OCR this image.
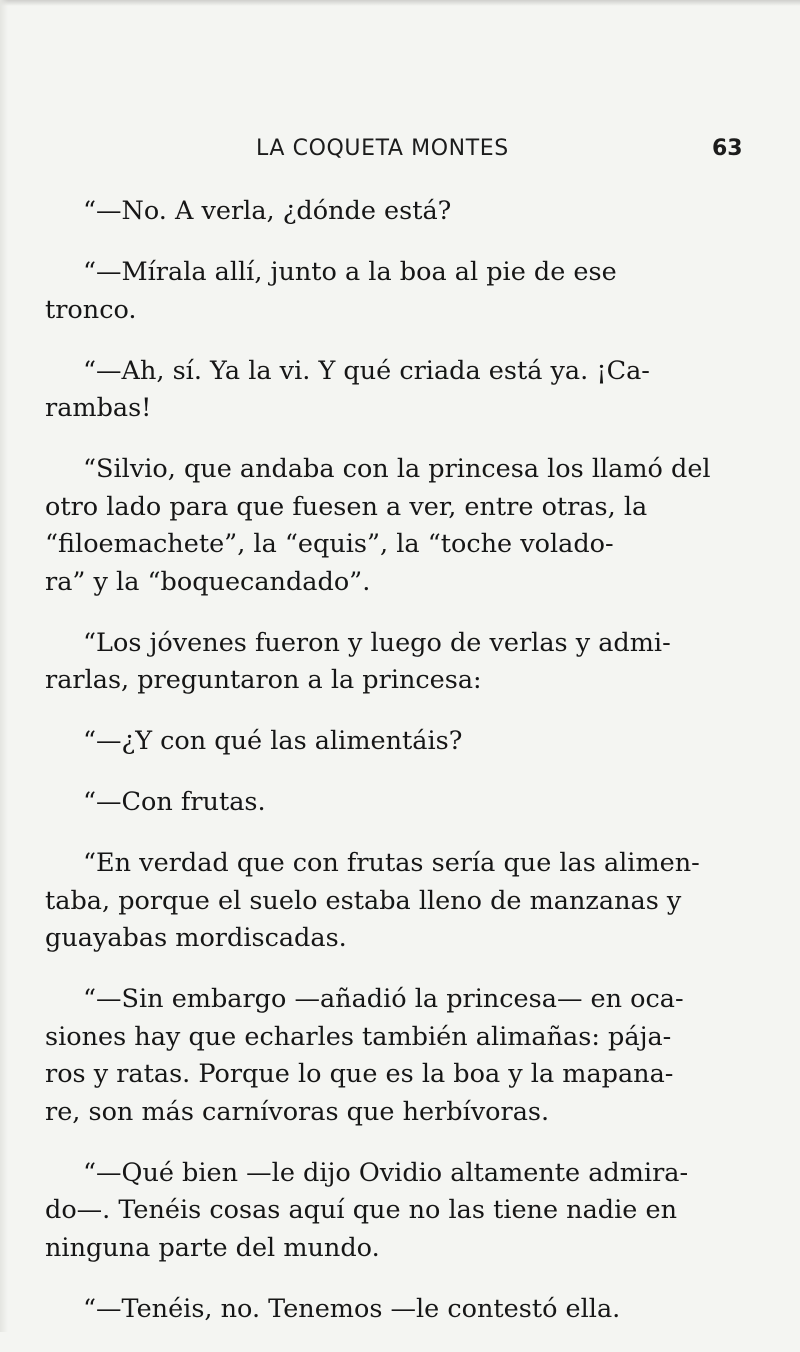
LA COQUETA MONTES	63

“—No. A verla, ¿dónde está?

“—Mírala allí, junto a la boa al pie de ese
tronco.

“—Ah, sí. Ya la vi. Y qué criada está ya. ¡Ca-
rambas!

“Silvio, que andaba con la princesa los llamó del
otro lado para que fuesen a ver, entre otras, la
“filoemachete”, la “equis”, la “toche volado-
ra” y la “boquecandado”.

“Los jóvenes fueron y luego de verlas y admi-
rarlas, preguntaron a la princesa:

“—¿Y con qué las alimentáis?

“—Con frutas.

“En verdad que con frutas sería que las alimen-
taba, porque el suelo estaba lleno de manzanas y
guayabas mordiscadas.

“—Sin embargo —añadió la princesa— en oca-
siones hay que echarles también alimañas: pája-
ros y ratas. Porque lo que es la boa y la mapana-
re, son más carnívoras que herbívoras.

“—Qué bien —le dijo Ovidio altamente admira-
do—. Tenéis cosas aquí que no las tiene nadie en
ninguna parte del mundo.

“—Tenéis, no. Tenemos —le contestó ella.
